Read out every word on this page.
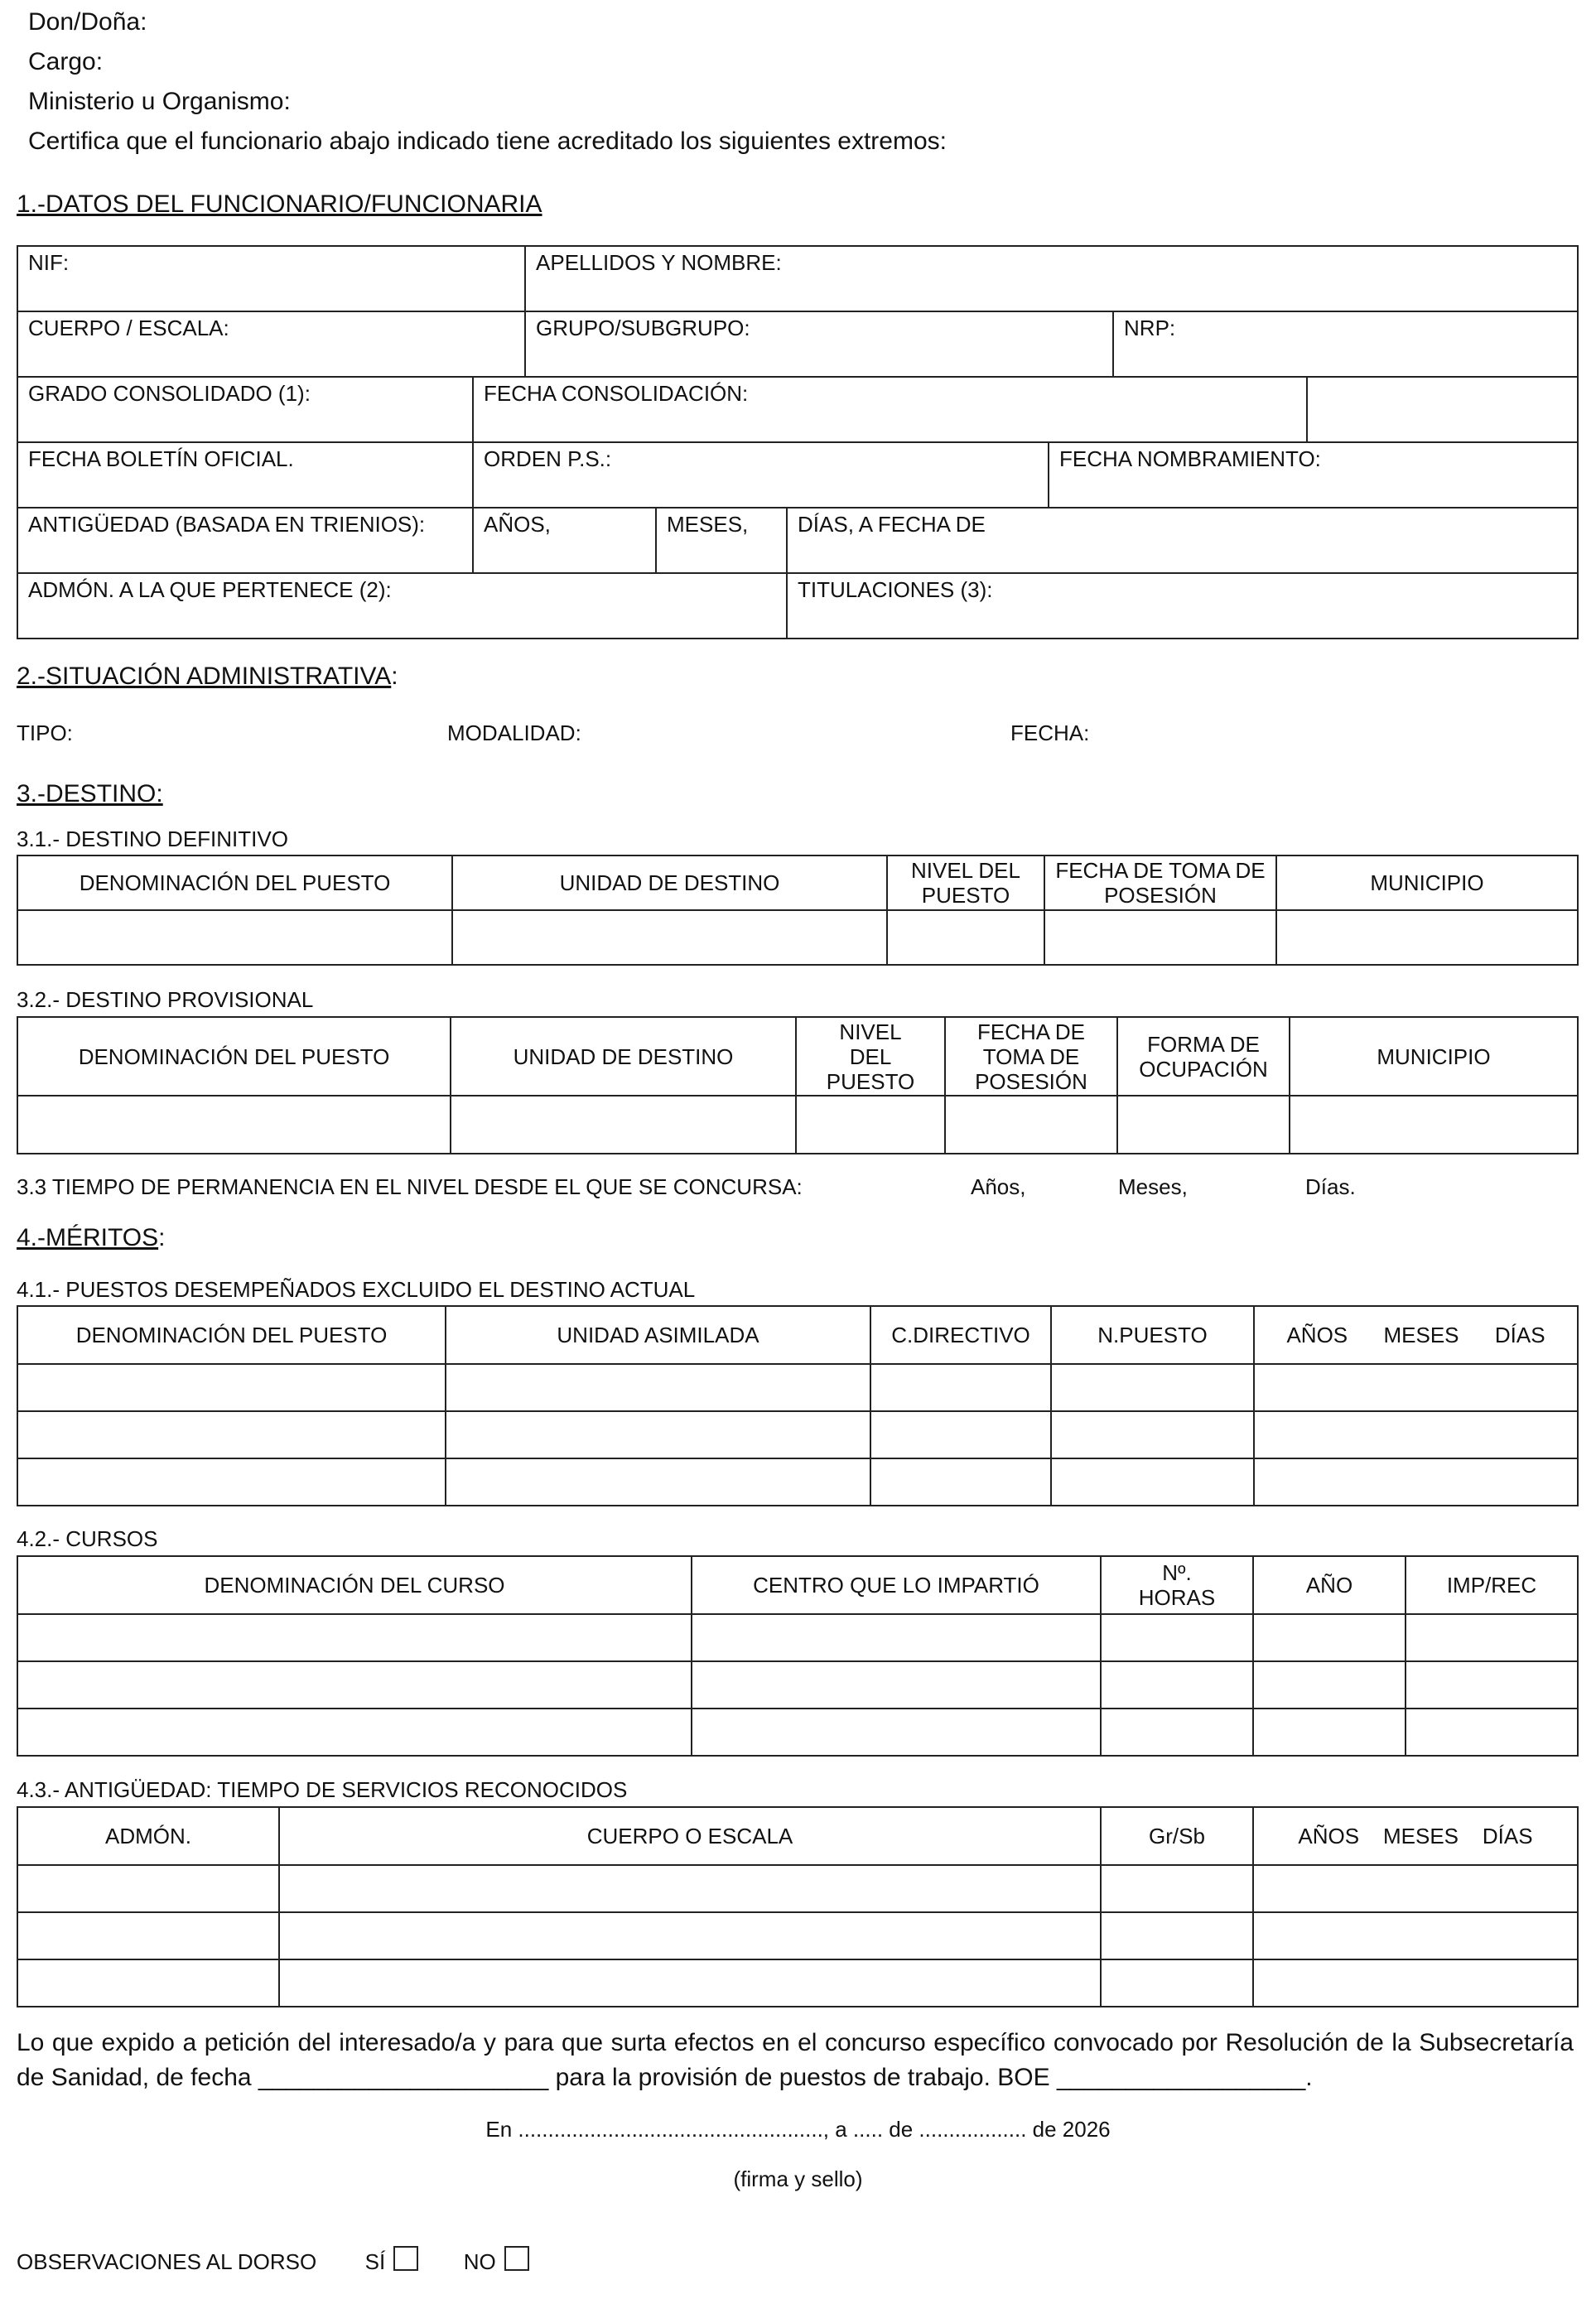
Don/Doña:
Cargo:
Ministerio u Organismo:
Certifica que el funcionario abajo indicado tiene acreditado los siguientes extremos:
1.-DATOS DEL FUNCIONARIO/FUNCIONARIA
NIF:		APELLIDOS Y NOMBRE:					
CUERPO / ESCALA:		GRUPO/SUBGRUPO:				NRP:	
GRADO CONSOLIDADO (1):	FECHA CONSOLIDACIÓN:						
FECHA BOLETÍN OFICIAL.	ORDEN P.S.:				FECHA NOMBRAMIENTO:		
ANTIGÜEDAD (BASADA EN TRIENIOS):	AÑOS,		MESES,	DÍAS, A FECHA DE			
ADMÓN. A LA QUE PERTENECE (2):				TITULACIONES (3):			
2.-SITUACIÓN ADMINISTRATIVA:
TIPO:	MODALIDAD:	FECHA:
3.-DESTINO:
3.1.- DESTINO DEFINITIVO
DENOMINACIÓN DEL PUESTO	UNIDAD DE DESTINO	NIVEL DEL PUESTO	FECHA DE TOMA DE POSESIÓN	MUNICIPIO

3.2.- DESTINO PROVISIONAL
DENOMINACIÓN DEL PUESTO	UNIDAD DE DESTINO	NIVEL DEL PUESTO	FECHA DE TOMA DE POSESIÓN	FORMA DE OCUPACIÓN	MUNICIPIO

3.3 TIEMPO DE PERMANENCIA EN EL NIVEL DESDE EL QUE SE CONCURSA:	Años,	Meses,	Días.
4.-MÉRITOS:
4.1.- PUESTOS DESEMPEÑADOS EXCLUIDO EL DESTINO ACTUAL
DENOMINACIÓN DEL PUESTO	UNIDAD ASIMILADA	C.DIRECTIVO	N.PUESTO	AÑOS      MESES      DÍAS

4.2.- CURSOS
DENOMINACIÓN DEL CURSO	CENTRO QUE LO IMPARTIÓ	Nº. HORAS	AÑO	IMP/REC

4.3.- ANTIGÜEDAD: TIEMPO DE SERVICIOS RECONOCIDOS
ADMÓN.	CUERPO O ESCALA	Gr/Sb	AÑOS    MESES    DÍAS

Lo que expido a petición del interesado/a y para que surta efectos en el concurso específico convocado por Resolución de la Subsecretaría de Sanidad, de fecha _____________________ para la provisión de puestos de trabajo. BOE __________________.
En ..................................................., a ..... de .................. de 2026
(firma y sello)
OBSERVACIONES AL DORSO SÍ	NO
